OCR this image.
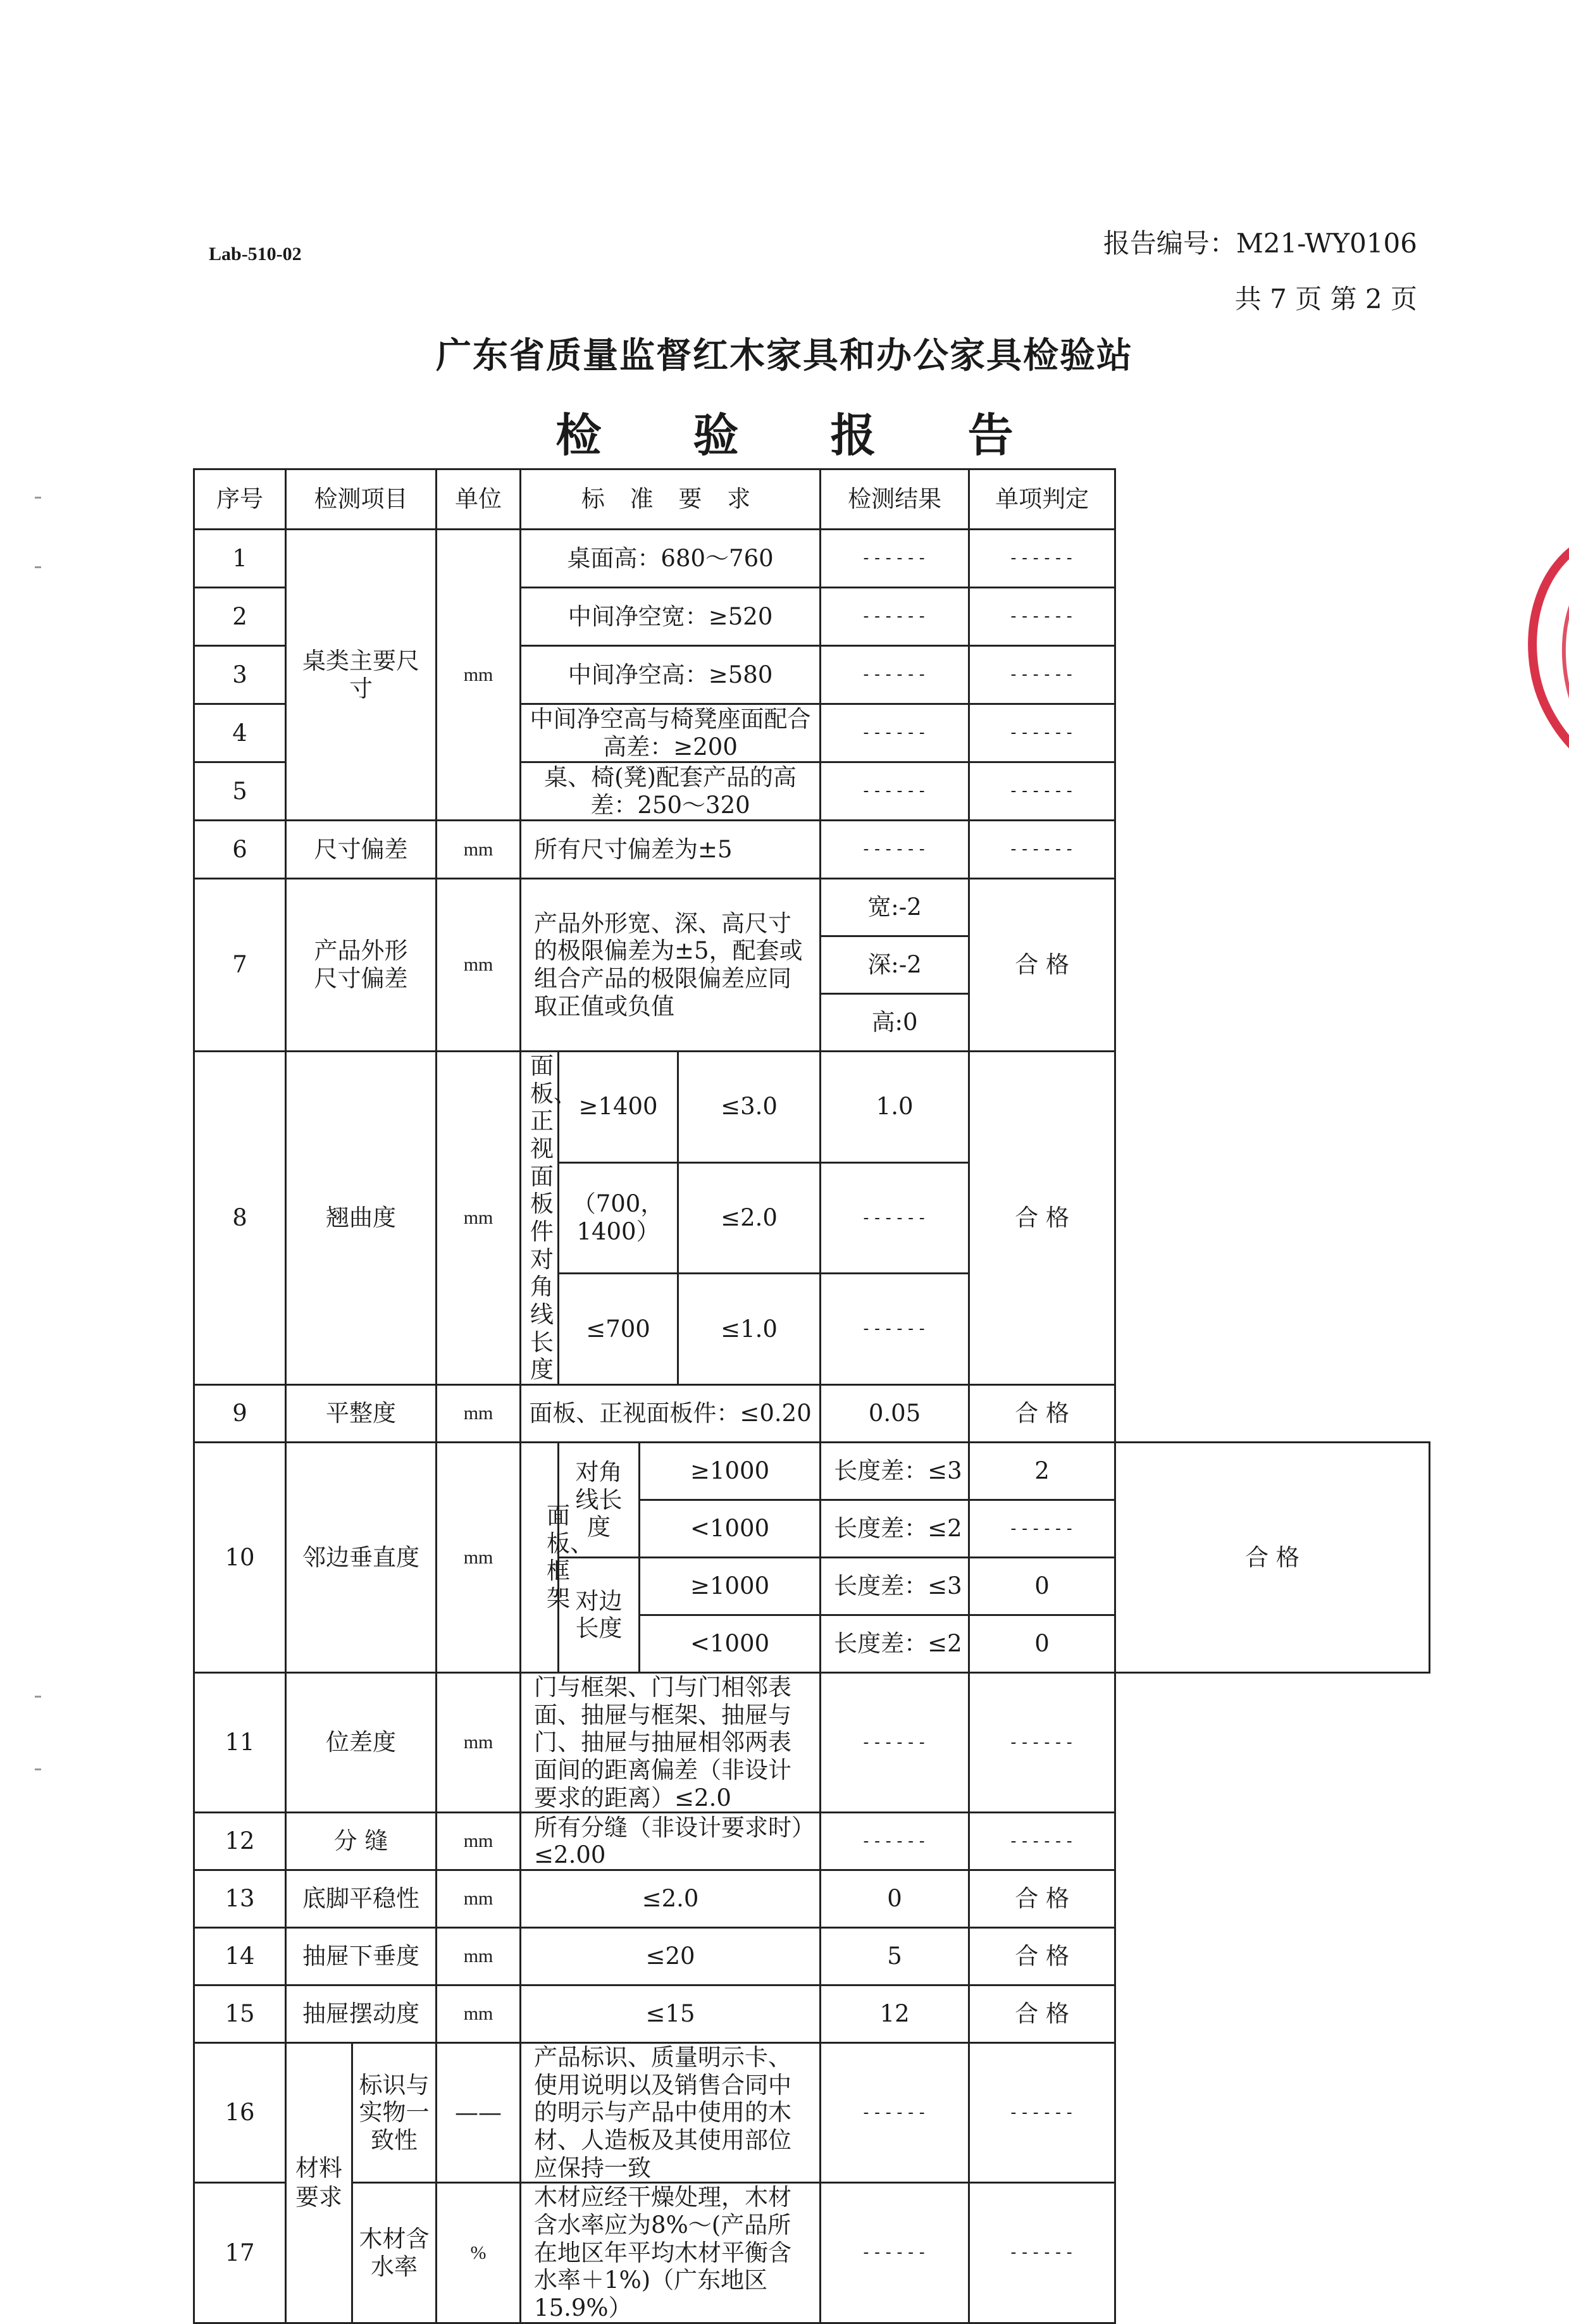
Lab-510-02	报告编号：M21-WY0106
共 7 页 第 2 页
广东省质量监督红木家具和办公家具检验站
检 验 报 告
序号	检测项目		单位	标 准 要 求				检测结果	单项判定	
1	桌类主要尺寸		mm	桌面高：680～760				------	------	
2				中间净空宽：≥520				------	------	
3				中间净空高：≥580				------	------	
4				中间净空高与椅凳座面配合高差：≥200				------	------	
5				桌、椅(凳)配套产品的高差：250～320				------	------	
6	尺寸偏差		mm	所有尺寸偏差为±5				------	------	
7	产品外形尺寸偏差		mm	产品外形宽、深、高尺寸的极限偏差为±5，配套或组合产品的极限偏差应同取正值或负值				宽:-2	合 格	
								深:-2		
								高:0		
8	翘曲度		mm	面板、正视面板件对角线长度	≥1400		≤3.0	1.0	合 格	
					（700，1400）		≤2.0	------		
					≤700		≤1.0	------		
9	平整度		mm	面板、正视面板件：≤0.20				0.05	合 格	
10	邻边垂直度		mm	面板、框架	对角线长度	≥1000		长度差：≤3	2	合 格
						<1000		长度差：≤2	------	
					对边长度	≥1000		长度差：≤3	0	
						<1000		长度差：≤2	0	
11	位差度		mm	门与框架、门与门相邻表面、抽屉与框架、抽屉与门、抽屉与抽屉相邻两表面间的距离偏差（非设计要求的距离）≤2.0				------	------	
12	分 缝		mm	所有分缝（非设计要求时）≤2.00				------	------	
13	底脚平稳性		mm	≤2.0				0	合 格	
14	抽屉下垂度		mm	≤20				5	合 格	
15	抽屉摆动度		mm	≤15				12	合 格	
16	材料要求	标识与实物一致性	——	产品标识、质量明示卡、使用说明以及销售合同中的明示与产品中使用的木材、人造板及其使用部位应保持一致				------	------	
17		木材含水率	%	木材应经干燥处理，木材含水率应为8%～(产品所在地区年平均木材平衡含水率＋1%)（广东地区15.9%）				------	------	
